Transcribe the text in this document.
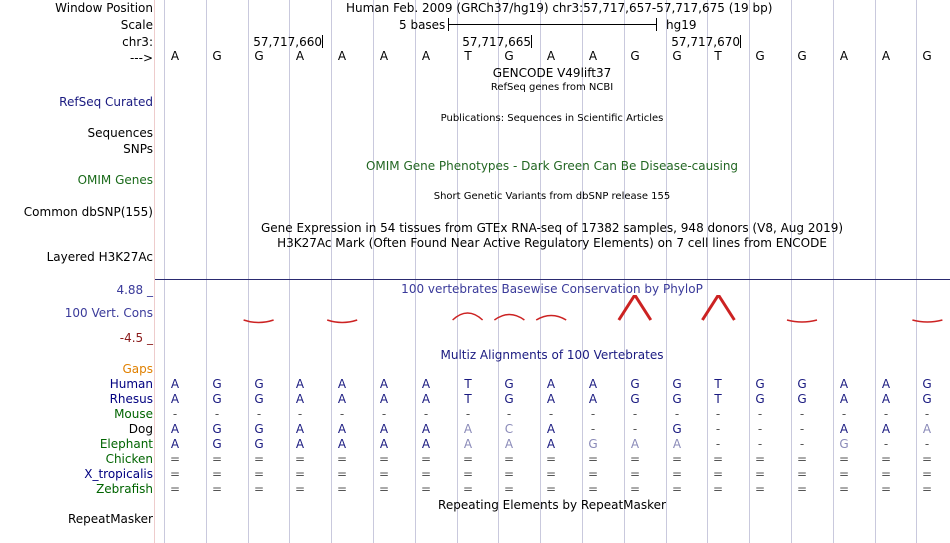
Window Position	Human Feb. 2009 (GRCh37/hg19) chr3:57,717,657-57,717,675 (19 bp)
Scale	5 bases	hg19
chr3:	57,717,660	57,717,665	57,717,670
--->	A	G	G	A	A	A	A	T	G	A	A	G	G	T	G	G	A	A	G
GENCODE V49lift37
RefSeq genes from NCBI
RefSeq Curated
Sequences
Publications: Sequences in Scientific Articles
SNPs
OMIM Gene Phenotypes - Dark Green Can Be Disease-causing
OMIM Genes
Short Genetic Variants from dbSNP release 155
Common dbSNP(155)
Gene Expression in 54 tissues from GTEx RNA-seq of 17382 samples, 948 donors (V8, Aug 2019)
H3K27Ac Mark (Often Found Near Active Regulatory Elements) on 7 cell lines from ENCODE
Layered H3K27Ac
4.88 _	100 vertebrates Basewise Conservation by PhyloP
100 Vert. Cons
-4.5 _
Multiz Alignments of 100 Vertebrates
Gaps
Human	A	G	G	A	A	A	A	T	G	A	A	G	G	T	G	G	A	A	G
Rhesus	A	G	G	A	A	A	A	T	G	A	A	G	G	T	G	G	A	A	G
Mouse	-	-	-	-	-	-	-	-	-	-	-	-	-	-	-	-	-	-	-
Dog	A	G	G	A	A	A	A	A	C	A	-	-	G	-	-	-	A	A	A
Elephant	A	G	G	A	A	A	A	A	A	A	G	A	A	-	-	-	G	-	-
Chicken	=	=	=	=	=	=	=	=	=	=	=	=	=	=	=	=	=	=	=
X_tropicalis	=	=	=	=	=	=	=	=	=	=	=	=	=	=	=	=	=	=	=
Zebrafish	=	=	=	=	=	=	=	=	=	=	=	=	=	=	=	=	=	=	=
Repeating Elements by RepeatMasker
RepeatMasker
